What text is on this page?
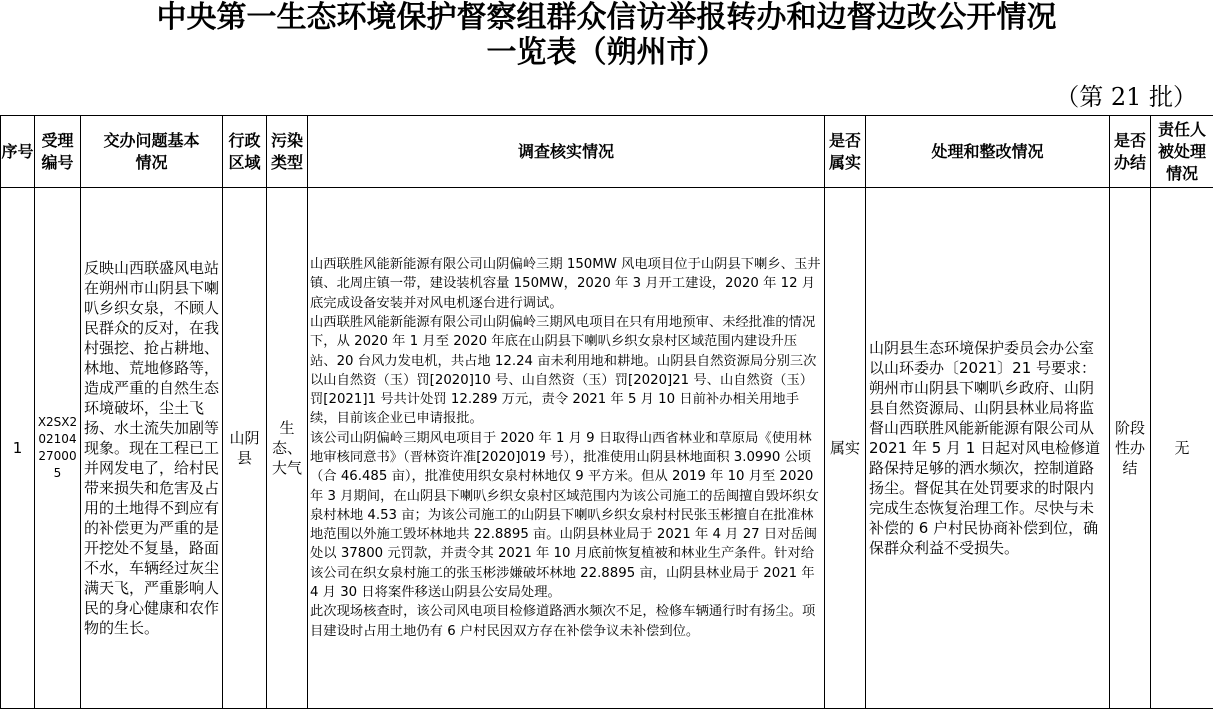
中央第一生态环境保护督察组群众信访举报转办和边督边改公开情况
一览表（朔州市）
（第 21 批）
序号	受理编号	交办问题基本情况	行政区域	污染类型	调查核实情况	是否属实	处理和整改情况	是否办结	责任人被处理情况
1	X2SX202104270005	反映山西联盛风电站在朔州市山阴县下喇叭乡织女泉，不顾人民群众的反对，在我村强挖、抢占耕地、林地、荒地修路等，造成严重的自然生态环境破坏，尘土飞扬、水土流失加剧等现象。现在工程已工并网发电了，给村民带来损失和危害及占用的土地得不到应有的补偿更为严重的是开挖处不复垦，路面不水，车辆经过灰尘满天飞，严重影响人民的身心健康和农作物的生长。	山阴县	生态、大气	山西联胜风能新能源有限公司山阴偏岭三期 150MW 风电项目位于山阴县下喇乡、玉井镇、北周庄镇一带，建设装机容量 150MW，2020 年 3 月开工建设，2020 年 12 月底完成设备安装并对风电机逐台进行调试。

山西联胜风能新能源有限公司山阴偏岭三期风电项目在只有用地预审、未经批准的情况下，从 2020 年 1 月至 2020 年底在山阴县下喇叭乡织女泉村区域范围内建设升压站、20 台风力发电机，共占地 12.24 亩未利用地和耕地。山阴县自然资源局分别三次以山自然资（玉）罚[2020]10 号、山自然资（玉）罚[2020]21 号、山自然资（玉）罚[2021]1 号共计处罚 12.289 万元，责令 2021 年 5 月 10 日前补办相关用地手续，目前该企业已申请报批。

该公司山阴偏岭三期风电项目于 2020 年 1 月 9 日取得山西省林业和草原局《使用林地审核同意书》（晋林资许准[2020]019 号），批准使用山阴县林地面积 3.0990 公顷（合 46.485 亩），批准使用织女泉村林地仅 9 平方米。但从 2019 年 10 月至 2020 年 3 月期间，在山阴县下喇叭乡织女泉村区域范围内为该公司施工的岳闽擅自毁坏织女泉村林地 4.53 亩；为该公司施工的山阴县下喇叭乡织女泉村村民张玉彬擅自在批准林地范围以外施工毁坏林地共 22.8895 亩。山阴县林业局于 2021 年 4 月 27 日对岳闽处以 37800 元罚款，并责令其 2021 年 10 月底前恢复植被和林业生产条件。针对给该公司在织女泉村施工的张玉彬涉嫌破坏林地 22.8895 亩，山阴县林业局于 2021 年 4 月 30 日将案件移送山阴县公安局处理。

此次现场核查时，该公司风电项目检修道路洒水频次不足，检修车辆通行时有扬尘。项目建设时占用土地仍有 6 户村民因双方存在补偿争议未补偿到位。	属实	山阴县生态环境保护委员会办公室以山环委办〔2021〕21 号要求：朔州市山阴县下喇叭乡政府、山阴县自然资源局、山阴县林业局将监督山西联胜风能新能源有限公司从 2021 年 5 月 1 日起对风电检修道路保持足够的洒水频次，控制道路扬尘。督促其在处罚要求的时限内完成生态恢复治理工作。尽快与未补偿的 6 户村民协商补偿到位，确保群众利益不受损失。	阶段性办结	无
